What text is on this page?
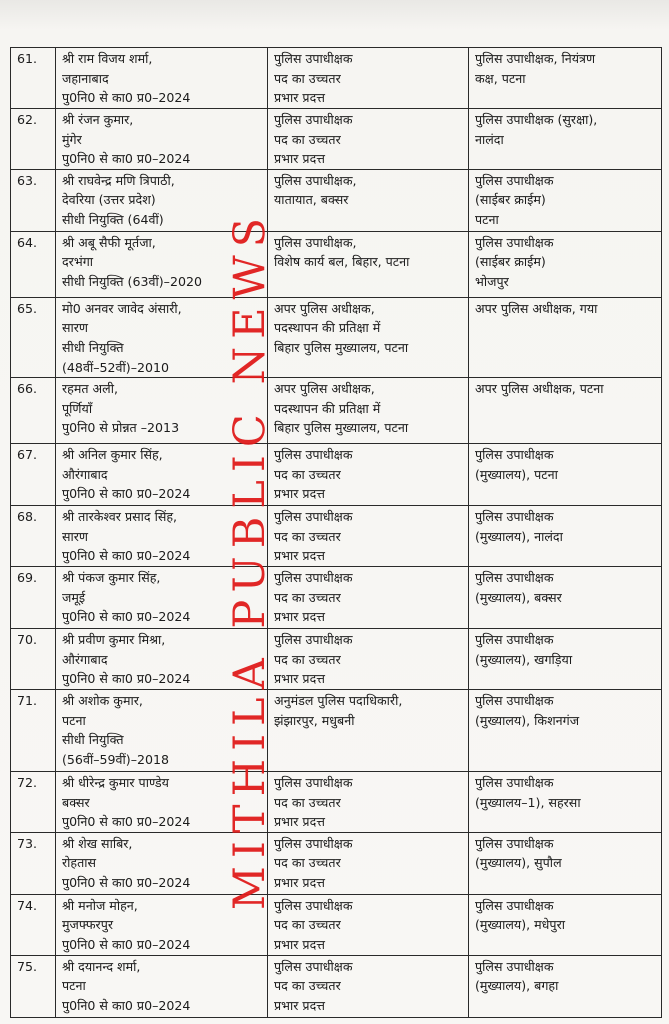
61.	श्री राम विजय शर्मा,
जहानाबाद
पु0नि0 से का0 प्र0–2024	पुलिस उपाधीक्षक
पद का उच्चतर
प्रभार प्रदत्त	पुलिस उपाधीक्षक, नियंत्रण
कक्ष, पटना

62.	श्री रंजन कुमार,
मुंगेर
पु0नि0 से का0 प्र0–2024	पुलिस उपाधीक्षक
पद का उच्चतर
प्रभार प्रदत्त	पुलिस उपाधीक्षक (सुरक्षा),
नालंदा

63.	श्री राघवेन्द्र मणि त्रिपाठी,
देवरिया (उत्तर प्रदेश)
सीधी नियुक्ति (64वीं)	पुलिस उपाधीक्षक,
यातायात, बक्सर	पुलिस उपाधीक्षक
(साईबर क्राईम)
पटना

64.	श्री अबू सैफी मूर्तजा,
दरभंगा
सीधी नियुक्ति (63वीं)–2020	पुलिस उपाधीक्षक,
विशेष कार्य बल, बिहार, पटना	पुलिस उपाधीक्षक
(साईबर क्राईम)
भोजपुर

65.	मो0 अनवर जावेद अंसारी,
सारण
सीधी नियुक्ति
(48वीं–52वीं)–2010	अपर पुलिस अधीक्षक,
पदस्थापन की प्रतिक्षा में
बिहार पुलिस मुख्यालय, पटना	अपर पुलिस अधीक्षक, गया

66.	रहमत अली,
पूर्णियाँ
पु0नि0 से प्रोन्नत –2013	अपर पुलिस अधीक्षक,
पदस्थापन की प्रतिक्षा में
बिहार पुलिस मुख्यालय, पटना	अपर पुलिस अधीक्षक, पटना

67.	श्री अनिल कुमार सिंह,
औरंगाबाद
पु0नि0 से का0 प्र0–2024	पुलिस उपाधीक्षक
पद का उच्चतर
प्रभार प्रदत्त	पुलिस उपाधीक्षक
(मुख्यालय), पटना

68.	श्री तारकेश्वर प्रसाद सिंह,
सारण
पु0नि0 से का0 प्र0–2024	पुलिस उपाधीक्षक
पद का उच्चतर
प्रभार प्रदत्त	पुलिस उपाधीक्षक
(मुख्यालय), नालंदा

69.	श्री पंकज कुमार सिंह,
जमूई
पु0नि0 से का0 प्र0–2024	पुलिस उपाधीक्षक
पद का उच्चतर
प्रभार प्रदत्त	पुलिस उपाधीक्षक
(मुख्यालय), बक्सर

70.	श्री प्रवीण कुमार मिश्रा,
औरंगाबाद
पु0नि0 से का0 प्र0–2024	पुलिस उपाधीक्षक
पद का उच्चतर
प्रभार प्रदत्त	पुलिस उपाधीक्षक
(मुख्यालय), खगड़िया

71.	श्री अशोक कुमार,
पटना
सीधी नियुक्ति
(56वीं–59वीं)–2018	अनुमंडल पुलिस पदाधिकारी,
झंझारपुर, मधुबनी	पुलिस उपाधीक्षक
(मुख्यालय), किशनगंज

72.	श्री धीरेन्द्र कुमार पाण्डेय
बक्सर
पु0नि0 से का0 प्र0–2024	पुलिस उपाधीक्षक
पद का उच्चतर
प्रभार प्रदत्त	पुलिस उपाधीक्षक
(मुख्यालय–1), सहरसा

73.	श्री शेख साबिर,
रोहतास
पु0नि0 से का0 प्र0–2024	पुलिस उपाधीक्षक
पद का उच्चतर
प्रभार प्रदत्त	पुलिस उपाधीक्षक
(मुख्यालय), सुपौल

74.	श्री मनोज मोहन,
मुजफ्फरपुर
पु0नि0 से का0 प्र0–2024	पुलिस उपाधीक्षक
पद का उच्चतर
प्रभार प्रदत्त	पुलिस उपाधीक्षक
(मुख्यालय), मधेपुरा

75.	श्री दयानन्द शर्मा,
पटना
पु0नि0 से का0 प्र0–2024	पुलिस उपाधीक्षक
पद का उच्चतर
प्रभार प्रदत्त	पुलिस उपाधीक्षक
(मुख्यालय), बगहा
MITHILA PUBLIC NEWS
